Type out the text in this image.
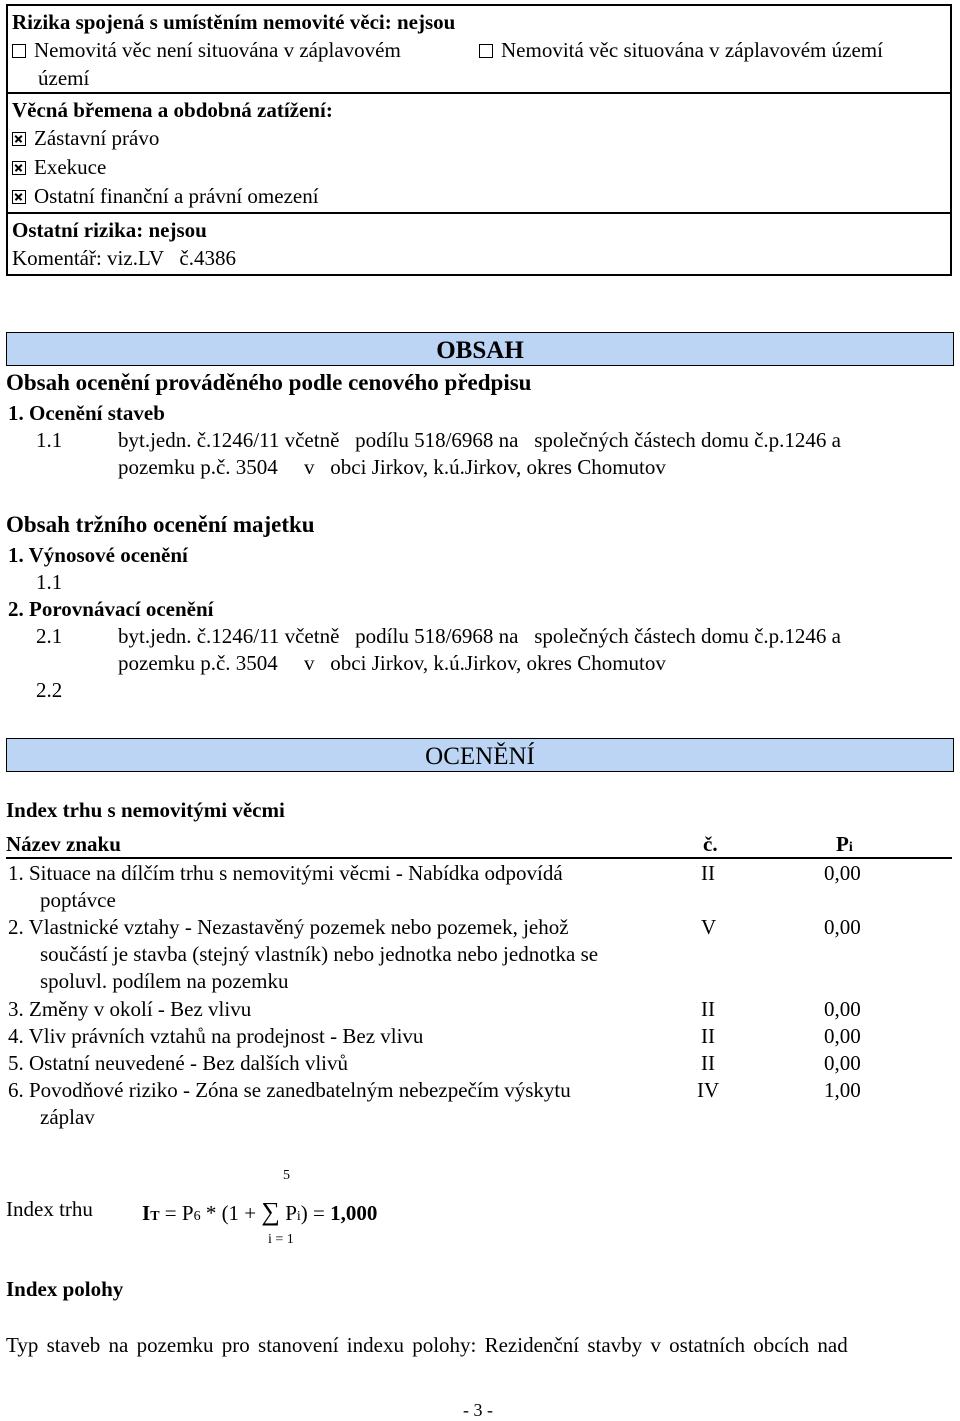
Rizika spojená s umístěním nemovité věci: nejsou
Nemovitá věc není situována v záplavovém
území
Nemovitá věc situována v záplavovém území
Věcná břemena a obdobná zatížení:
Zástavní právo
Exekuce
Ostatní finanční a právní omezení
Ostatní rizika: nejsou
Komentář: viz.LV   č.4386
OBSAH
Obsah ocenění prováděného podle cenového předpisu
1. Ocenění staveb
1.1	byt.jedn. č.1246/11 včetně   podílu 518/6968 na   společných částech domu č.p.1246 a
pozemku p.č. 3504     v   obci Jirkov, k.ú.Jirkov, okres Chomutov
Obsah tržního ocenění majetku
1. Výnosové ocenění
1.1
2. Porovnávací ocenění
2.1	byt.jedn. č.1246/11 včetně   podílu 518/6968 na   společných částech domu č.p.1246 a
pozemku p.č. 3504     v   obci Jirkov, k.ú.Jirkov, okres Chomutov
2.2
OCENĚNÍ
Index trhu s nemovitými věcmi
Název znaku	č.	Pi
1. Situace na dílčím trhu s nemovitými věcmi - Nabídka odpovídá
poptávce
II	0,00
2. Vlastnické vztahy - Nezastavěný pozemek nebo pozemek, jehož
součástí je stavba (stejný vlastník) nebo jednotka nebo jednotka se
spoluvl. podílem na pozemku
V	0,00
3. Změny v okolí - Bez vlivu	II	0,00
4. Vliv právních vztahů na prodejnost - Bez vlivu	II	0,00
5. Ostatní neuvedené - Bez dalších vlivů	II	0,00
6. Povodňové riziko - Zóna se zanedbatelným nebezpečím výskytu
záplav
IV	1,00
Index trhu
5
i = 1
IT = P6 * (1 + ∑ Pi) = 1,000
Index polohy
Typ staveb na pozemku pro stanovení indexu polohy: Rezidenční stavby v ostatních obcích nad
- 3 -
